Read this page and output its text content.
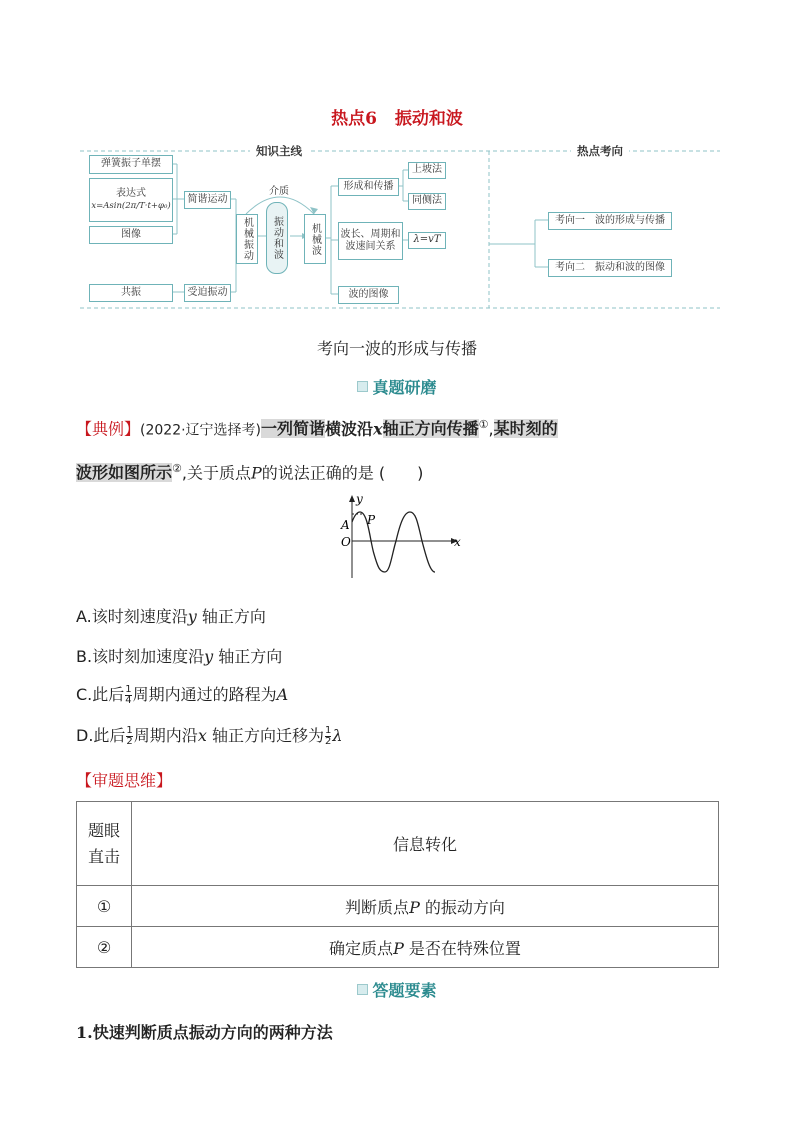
热点6 振动和波
知识主线	热点考向
弹簧振子单摆
表达式
x=Asin(2π/T·t+φ₀)
图像
共振
简谐运动
受迫振动
机械振动
介质
振动和波	机械波
形成和传播
上坡法
同侧法
波长、周期和
波速间关系
λ=vT
波的图像
考向一　波的形成与传播
考向二　振动和波的图像
考向一波的形成与传播
真题研磨
【典例】(2022·辽宁选择考)一列简谐横波沿x轴正方向传播①,某时刻的
波形如图所示②,关于质点P的说法正确的是 (　　)
y
x
A P
O
A.该时刻速度沿y 轴正方向
B.该时刻加速度沿y 轴正方向
C.此后 $\frac{1}{4}$ 周期内通过的路程为A
D.此后 $\frac{1}{2}$ 周期内沿x 轴正方向迁移为 $\frac{1}{2}$ λ
【审题思维】
题眼
直击	信息转化
①	判断质点P 的振动方向
②	确定质点P 是否在特殊位置
答题要素
1.快速判断质点振动方向的两种方法
